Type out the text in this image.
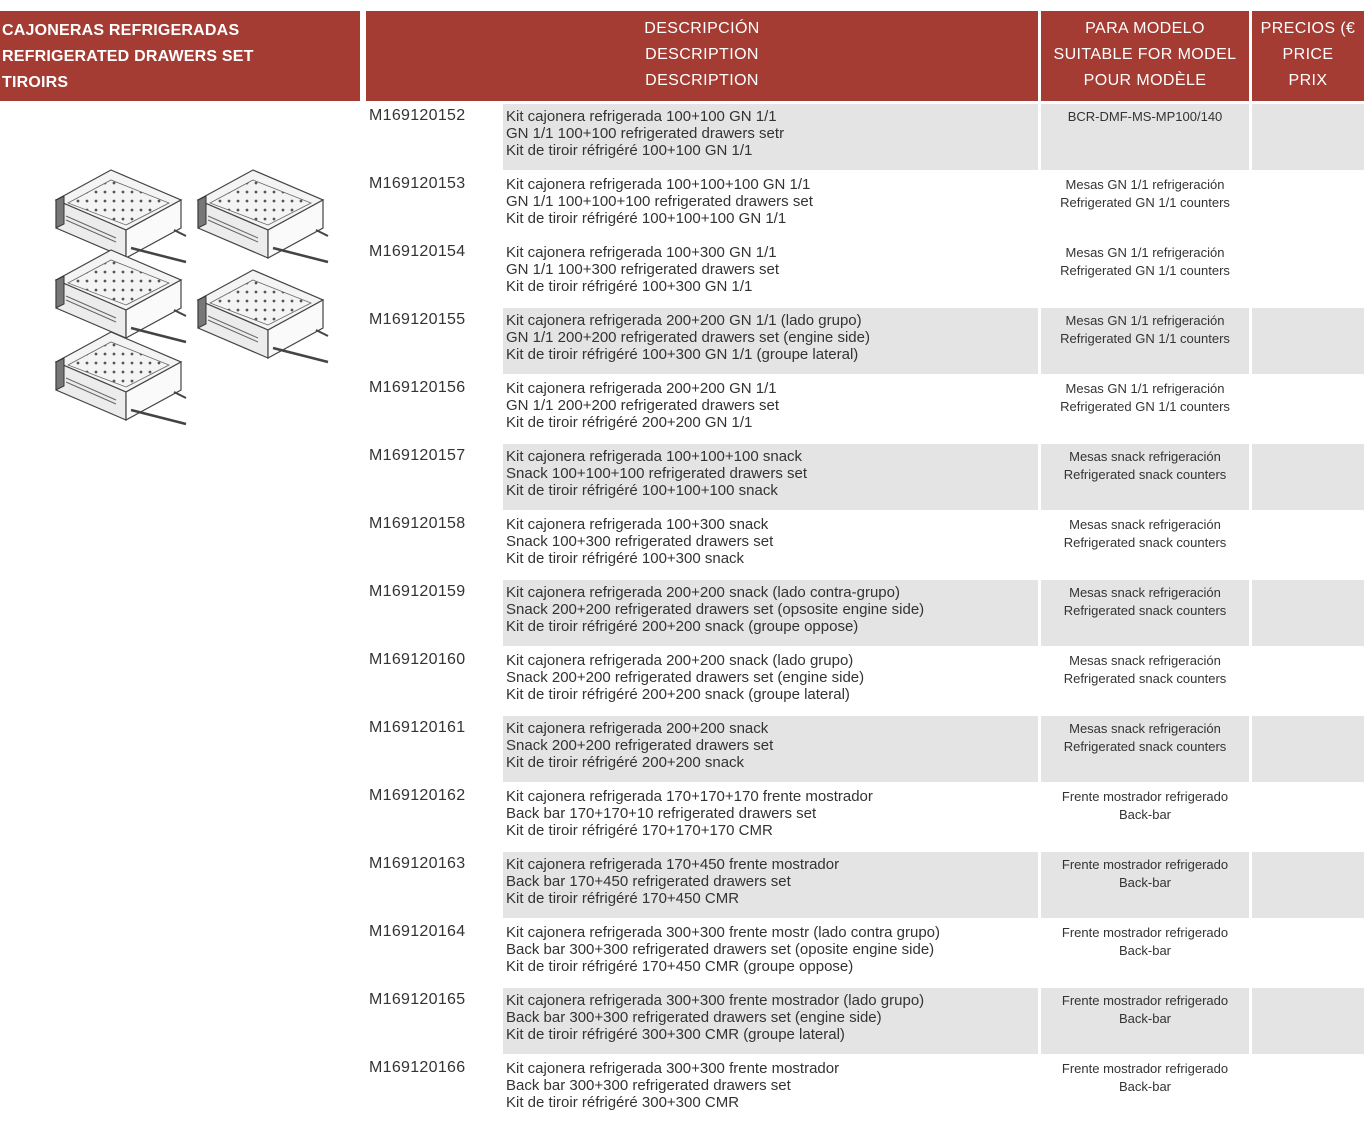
CAJONERAS REFRIGERADAS
REFRIGERATED DRAWERS SET
TIROIRS
DESCRIPCIÓN
DESCRIPTION
DESCRIPTION
PARA MODELO
SUITABLE FOR MODEL
POUR MODÈLE
PRECIOS (€
PRICE
PRIX
M169120152	Kit cajonera refrigerada 100+100 GN 1/1
GN 1/1 100+100 refrigerated drawers setr
Kit de tiroir réfrigéré 100+100 GN 1/1
BCR-DMF-MS-MP100/140
M169120153	Kit cajonera refrigerada 100+100+100 GN 1/1
GN 1/1 100+100+100 refrigerated drawers set
Kit de tiroir réfrigéré 100+100+100 GN 1/1
Mesas GN 1/1 refrigeración
Refrigerated GN 1/1 counters
M169120154	Kit cajonera refrigerada 100+300 GN 1/1
GN 1/1 100+300 refrigerated drawers set
Kit de tiroir réfrigéré 100+300 GN 1/1
Mesas GN 1/1 refrigeración
Refrigerated GN 1/1 counters
M169120155	Kit cajonera refrigerada 200+200 GN 1/1 (lado grupo)
GN 1/1 200+200 refrigerated drawers set (engine side)
Kit de tiroir réfrigéré 100+300 GN 1/1 (groupe lateral)
Mesas GN 1/1 refrigeración
Refrigerated GN 1/1 counters
M169120156	Kit cajonera refrigerada 200+200 GN 1/1
GN 1/1 200+200 refrigerated drawers set
Kit de tiroir réfrigéré 200+200 GN 1/1
Mesas GN 1/1 refrigeración
Refrigerated GN 1/1 counters
M169120157	Kit cajonera refrigerada 100+100+100 snack
Snack 100+100+100 refrigerated drawers set
Kit de tiroir réfrigéré 100+100+100 snack
Mesas snack refrigeración
Refrigerated snack counters
M169120158	Kit cajonera refrigerada 100+300 snack
Snack 100+300 refrigerated drawers set
Kit de tiroir réfrigéré 100+300 snack
Mesas snack refrigeración
Refrigerated snack counters
M169120159	Kit cajonera refrigerada 200+200 snack (lado contra-grupo)
Snack 200+200 refrigerated drawers set (opsosite engine side)
Kit de tiroir réfrigéré 200+200 snack (groupe oppose)
Mesas snack refrigeración
Refrigerated snack counters
M169120160	Kit cajonera refrigerada 200+200 snack (lado grupo)
Snack 200+200 refrigerated drawers set (engine side)
Kit de tiroir réfrigéré 200+200 snack (groupe lateral)
Mesas snack refrigeración
Refrigerated snack counters
M169120161	Kit cajonera refrigerada 200+200 snack
Snack 200+200 refrigerated drawers set
Kit de tiroir réfrigéré 200+200 snack
Mesas snack refrigeración
Refrigerated snack counters
M169120162	Kit cajonera refrigerada 170+170+170 frente mostrador
Back bar 170+170+10 refrigerated drawers set
Kit de tiroir réfrigéré 170+170+170 CMR
Frente mostrador refrigerado
Back-bar
M169120163	Kit cajonera refrigerada 170+450 frente mostrador
Back bar 170+450 refrigerated drawers set
Kit de tiroir réfrigéré 170+450 CMR
Frente mostrador refrigerado
Back-bar
M169120164	Kit cajonera refrigerada 300+300 frente mostr (lado contra grupo)
Back bar 300+300 refrigerated drawers set (oposite engine side)
Kit de tiroir réfrigéré 170+450 CMR (groupe oppose)
Frente mostrador refrigerado
Back-bar
M169120165	Kit cajonera refrigerada 300+300 frente mostrador (lado grupo)
Back bar 300+300 refrigerated drawers set (engine side)
Kit de tiroir réfrigéré 300+300 CMR (groupe lateral)
Frente mostrador refrigerado
Back-bar
M169120166	Kit cajonera refrigerada 300+300 frente mostrador
Back bar 300+300 refrigerated drawers set
Kit de tiroir réfrigéré 300+300 CMR
Frente mostrador refrigerado
Back-bar
